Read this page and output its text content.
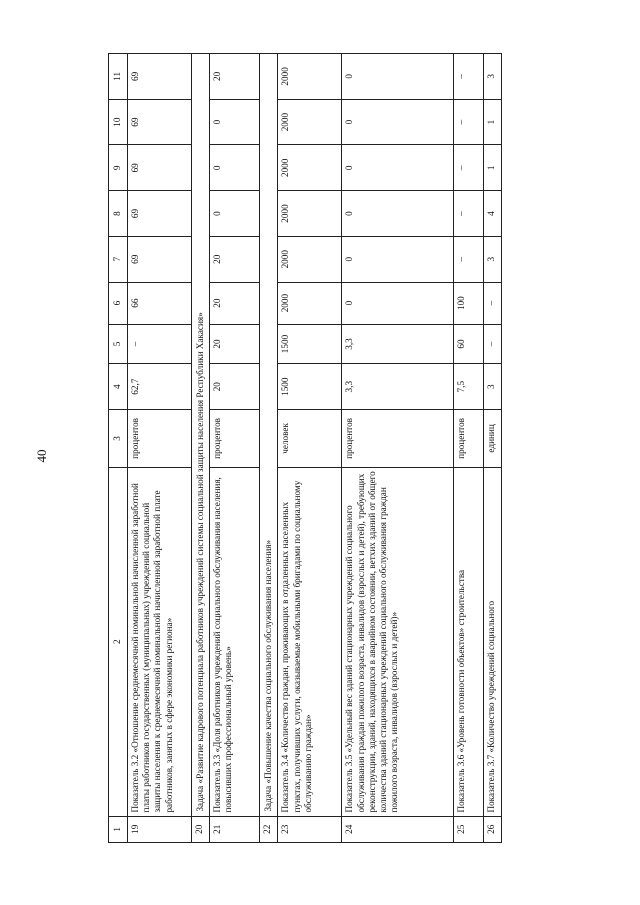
40
1	2	3	4	5	6	7	8	9	10	11
19	Показатель 3.2 «Отношение среднемесячной номинальной начисленной заработной платы работников государственных (муниципальных) учреждений социальной защиты населения к среднемесячной номинальной начисленной заработной плате работников, занятых в сфере экономики региона»	процентов	62,7	–	66	69	69	69	69	69
20	Задача «Развитие кадрового потенциала работников учреждений системы социальной защиты населения Республики Хакасия»									
21	Показатель 3.3 «Доля работников учреждений социального обслуживания населения, повысивших профессиональный уровень»	процентов	20	20	20	20	0	0	0	20
22	Задача «Повышение качества социального обслуживания населения»									
23	Показатель 3.4 «Количество граждан, проживающих в отдаленных населенных пунктах, получивших услуги, оказываемые мобильными бригадами по социальному обслуживанию граждан»	человек	1500	1500	2000	2000	2000	2000	2000	2000
24	Показатель 3.5 «Удельный вес зданий стационарных учреждений социального обслуживания граждан пожилого возраста, инвалидов (взрослых и детей), требующих реконструкции, зданий, находящихся в аварийном состоянии, ветхих зданий от общего количества зданий стационарных учреждений социального обслуживания граждан пожилого возраста, инвалидов (взрослых и детей)»	процентов	3,3	3,3	0	0	0	0	0	0
25	Показатель 3.6 «Уровень готовности объектов» строительства	процентов	7,5	60	100	–	–	–	–	–
26	Показатель 3.7 «Количество учреждений социального	единиц	3	–	–	3	4	1	1	3
